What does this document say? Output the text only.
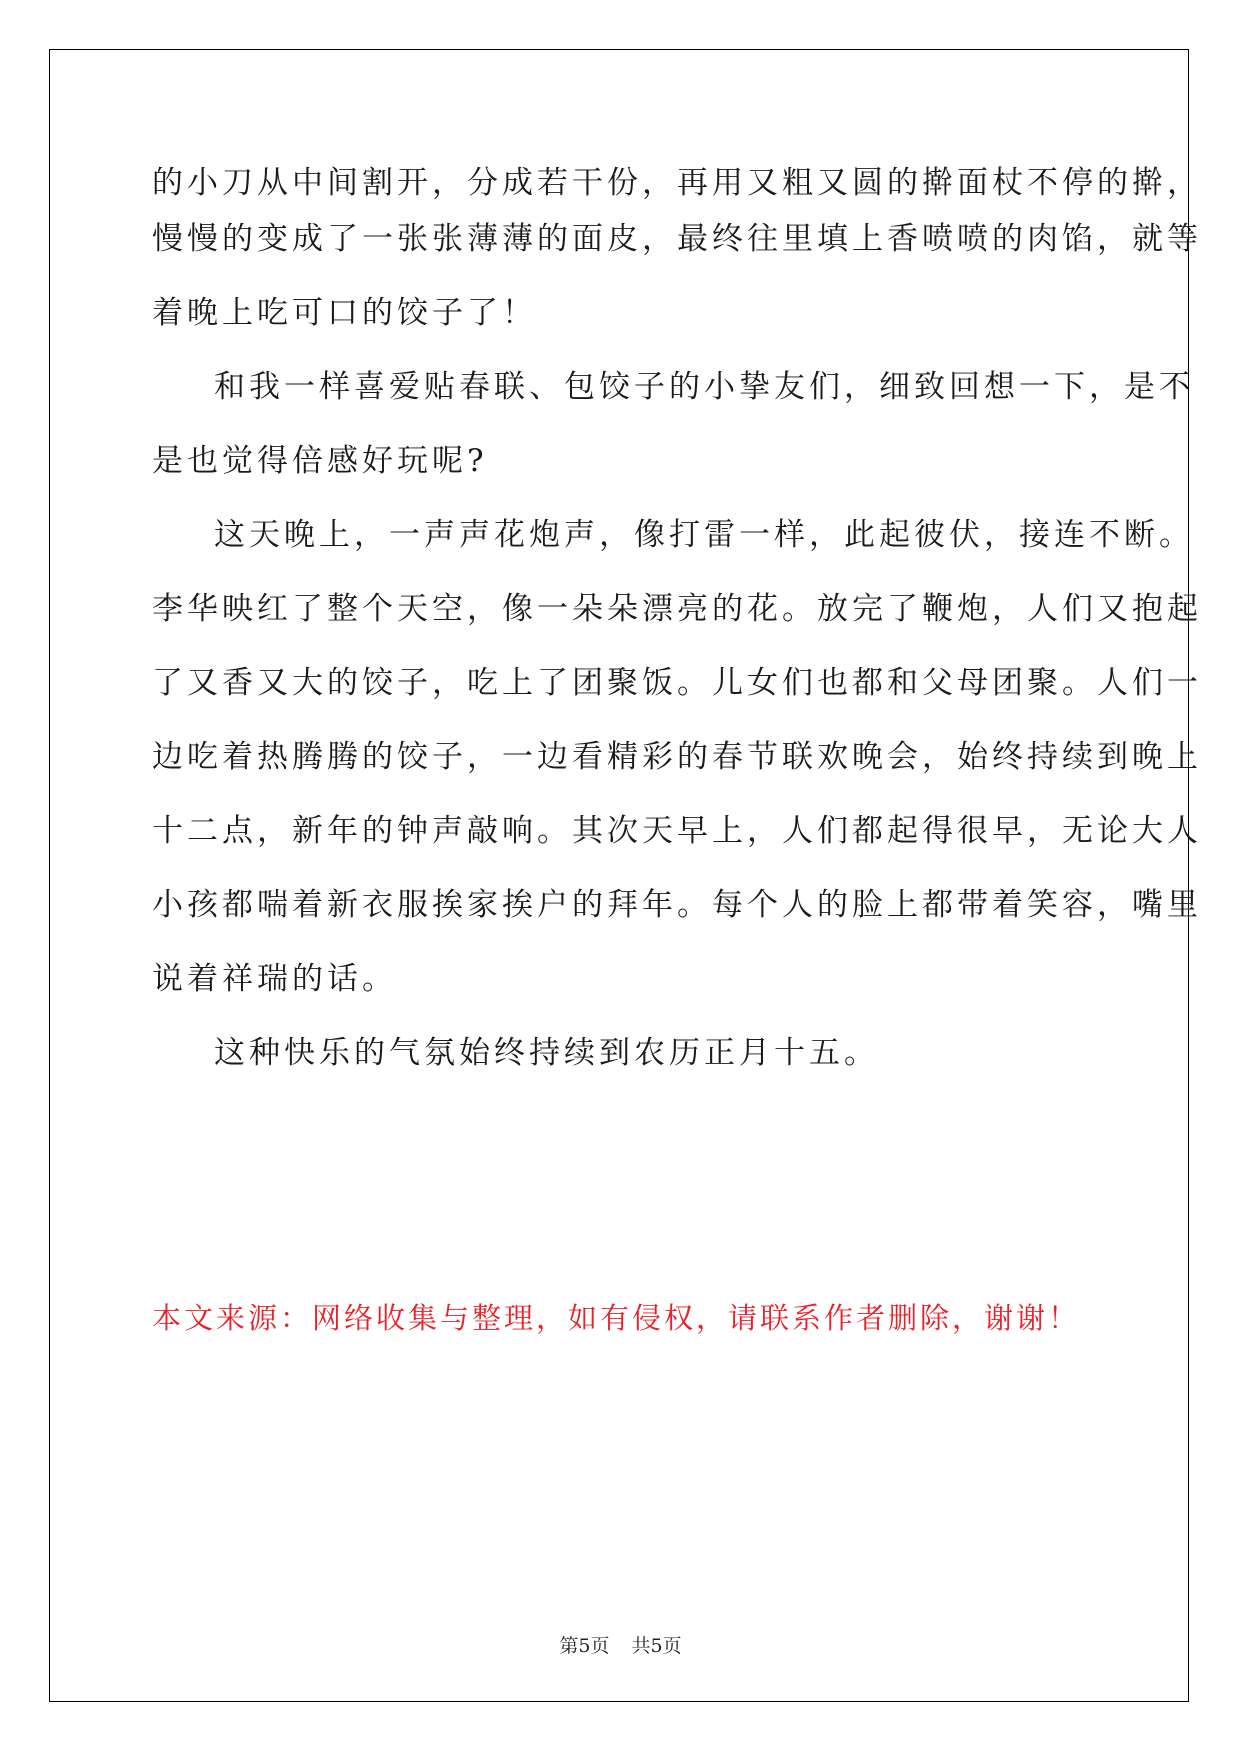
的小刀从中间割开，分成若干份，再用又粗又圆的擀面杖不停的擀，

慢慢的变成了一张张薄薄的面皮，最终往里填上香喷喷的肉馅，就等

着晚上吃可口的饺子了！

和我一样喜爱贴春联、包饺子的小挚友们，细致回想一下，是不

是也觉得倍感好玩呢?

这天晚上，一声声花炮声，像打雷一样，此起彼伏，接连不断。

李华映红了整个天空，像一朵朵漂亮的花。放完了鞭炮，人们又抱起

了又香又大的饺子，吃上了团聚饭。儿女们也都和父母团聚。人们一

边吃着热腾腾的饺子，一边看精彩的春节联欢晚会，始终持续到晚上

十二点，新年的钟声敲响。其次天早上，人们都起得很早，无论大人

小孩都喘着新衣服挨家挨户的拜年。每个人的脸上都带着笑容，嘴里

说着祥瑞的话。

这种快乐的气氛始终持续到农历正月十五。

本文来源：网络收集与整理，如有侵权，请联系作者删除，谢谢！

第5页 共5页
